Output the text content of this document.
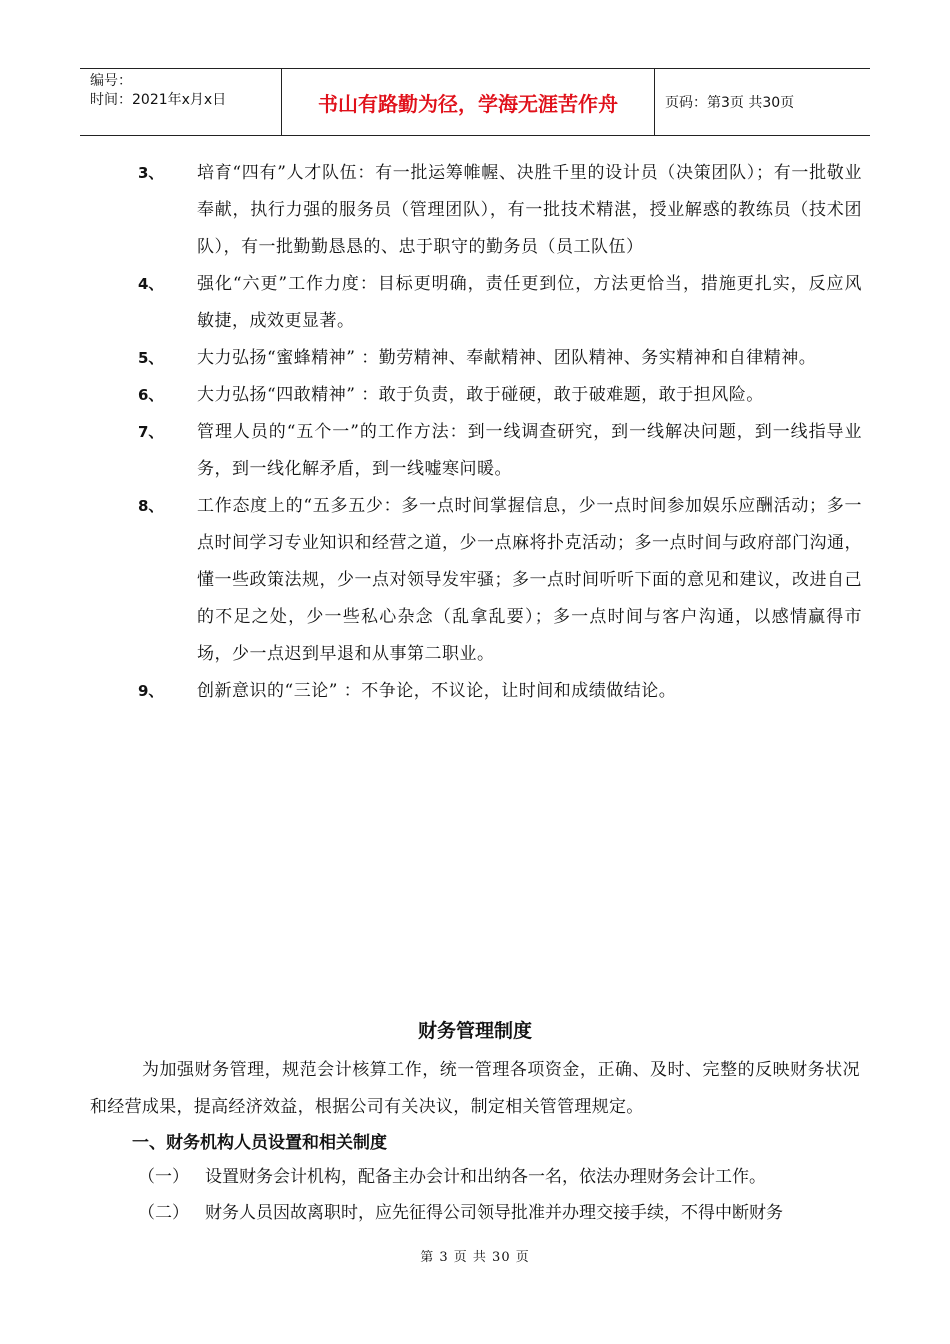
编号：
时间：2021年x月x日	书山有路勤为径，学海无涯苦作舟	页码：第3页 共30页
3、 培育“四有”人才队伍：有一批运筹帷幄、决胜千里的设计员（决策团队）；有一批敬业奉献，执行力强的服务员（管理团队），有一批技术精湛，授业解惑的教练员（技术团队），有一批勤勤恳恳的、忠于职守的勤务员（员工队伍）
4、 强化“六更”工作力度：目标更明确，责任更到位，方法更恰当，措施更扎实，反应风敏捷，成效更显著。
5、 大力弘扬“蜜蜂精神” ：勤劳精神、奉献精神、团队精神、务实精神和自律精神。
6、 大力弘扬“四敢精神” ：敢于负责，敢于碰硬，敢于破难题，敢于担风险。
7、 管理人员的“五个一”的工作方法：到一线调查研究，到一线解决问题，到一线指导业务，到一线化解矛盾，到一线嘘寒问暖。
8、 工作态度上的“五多五少：多一点时间掌握信息，少一点时间参加娱乐应酬活动；多一点时间学习专业知识和经营之道，少一点麻将扑克活动；多一点时间与政府部门沟通，懂一些政策法规，少一点对领导发牢骚；多一点时间听听下面的意见和建议，改进自己的不足之处，少一些私心杂念（乱拿乱要）；多一点时间与客户沟通，以感情赢得市场，少一点迟到早退和从事第二职业。
9、 创新意识的“三论” ：不争论，不议论，让时间和成绩做结论。
财务管理制度
为加强财务管理，规范会计核算工作，统一管理各项资金，正确、及时、完整的反映财务状况和经营成果，提高经济效益，根据公司有关决议，制定相关管管理规定。
一、财务机构人员设置和相关制度
（一） 设置财务会计机构，配备主办会计和出纳各一名，依法办理财务会计工作。
（二） 财务人员因故离职时，应先征得公司领导批准并办理交接手续，不得中断财务
第 3 页 共 30 页
